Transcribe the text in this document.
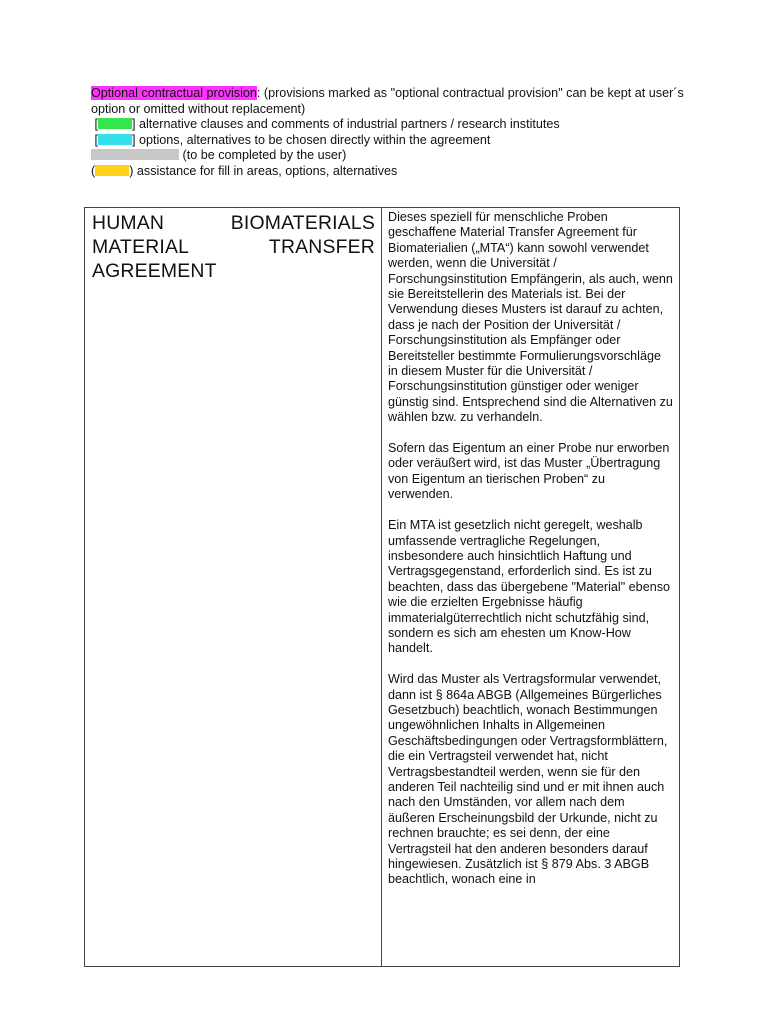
Optional contractual provision: (provisions marked as "optional contractual provision" can be kept at user´s option or omitted without replacement)

[	] alternative clauses and comments of industrial partners / research institutes

[	] options, alternatives to be chosen directly within the agreement

(to be completed by the user)

(	) assistance for fill in areas, options, alternatives

HUMAN BIOMATERIALS
MATERIAL TRANSFER
AGREEMENT

Dieses speziell für menschliche Proben geschaffene Material Transfer Agreement für Biomaterialien („MTA“) kann sowohl verwendet werden, wenn die Universität / Forschungsinstitution Empfängerin, als auch, wenn sie Bereitstellerin des Materials ist. Bei der Verwendung dieses Musters ist darauf zu achten, dass je nach der Position der Universität / Forschungsinstitution als Empfänger oder Bereitsteller bestimmte Formulierungsvorschläge in diesem Muster für die Universität / Forschungsinstitution günstiger oder weniger günstig sind. Entsprechend sind die Alternativen zu wählen bzw. zu verhandeln.

Sofern das Eigentum an einer Probe nur erworben oder veräußert wird, ist das Muster „Übertragung von Eigentum an tierischen Proben“ zu verwenden.

Ein MTA ist gesetzlich nicht geregelt, weshalb umfassende vertragliche Regelungen, insbesondere auch hinsichtlich Haftung und Vertragsgegenstand, erforderlich sind. Es ist zu beachten, dass das übergebene "Material" ebenso wie die erzielten Ergebnisse häufig immaterialgüterrechtlich nicht schutzfähig sind, sondern es sich am ehesten um Know-How handelt.

Wird das Muster als Vertragsformular verwendet, dann ist § 864a ABGB (Allgemeines Bürgerliches Gesetzbuch) beachtlich, wonach Bestimmungen ungewöhnlichen Inhalts in Allgemeinen Geschäftsbedingungen oder Vertragsformblättern, die ein Vertragsteil verwendet hat, nicht Vertragsbestandteil werden, wenn sie für den anderen Teil nachteilig sind und er mit ihnen auch nach den Umständen, vor allem nach dem äußeren Erscheinungsbild der Urkunde, nicht zu rechnen brauchte; es sei denn, der eine Vertragsteil hat den anderen besonders darauf hingewiesen. Zusätzlich ist § 879 Abs. 3 ABGB beachtlich, wonach eine in
